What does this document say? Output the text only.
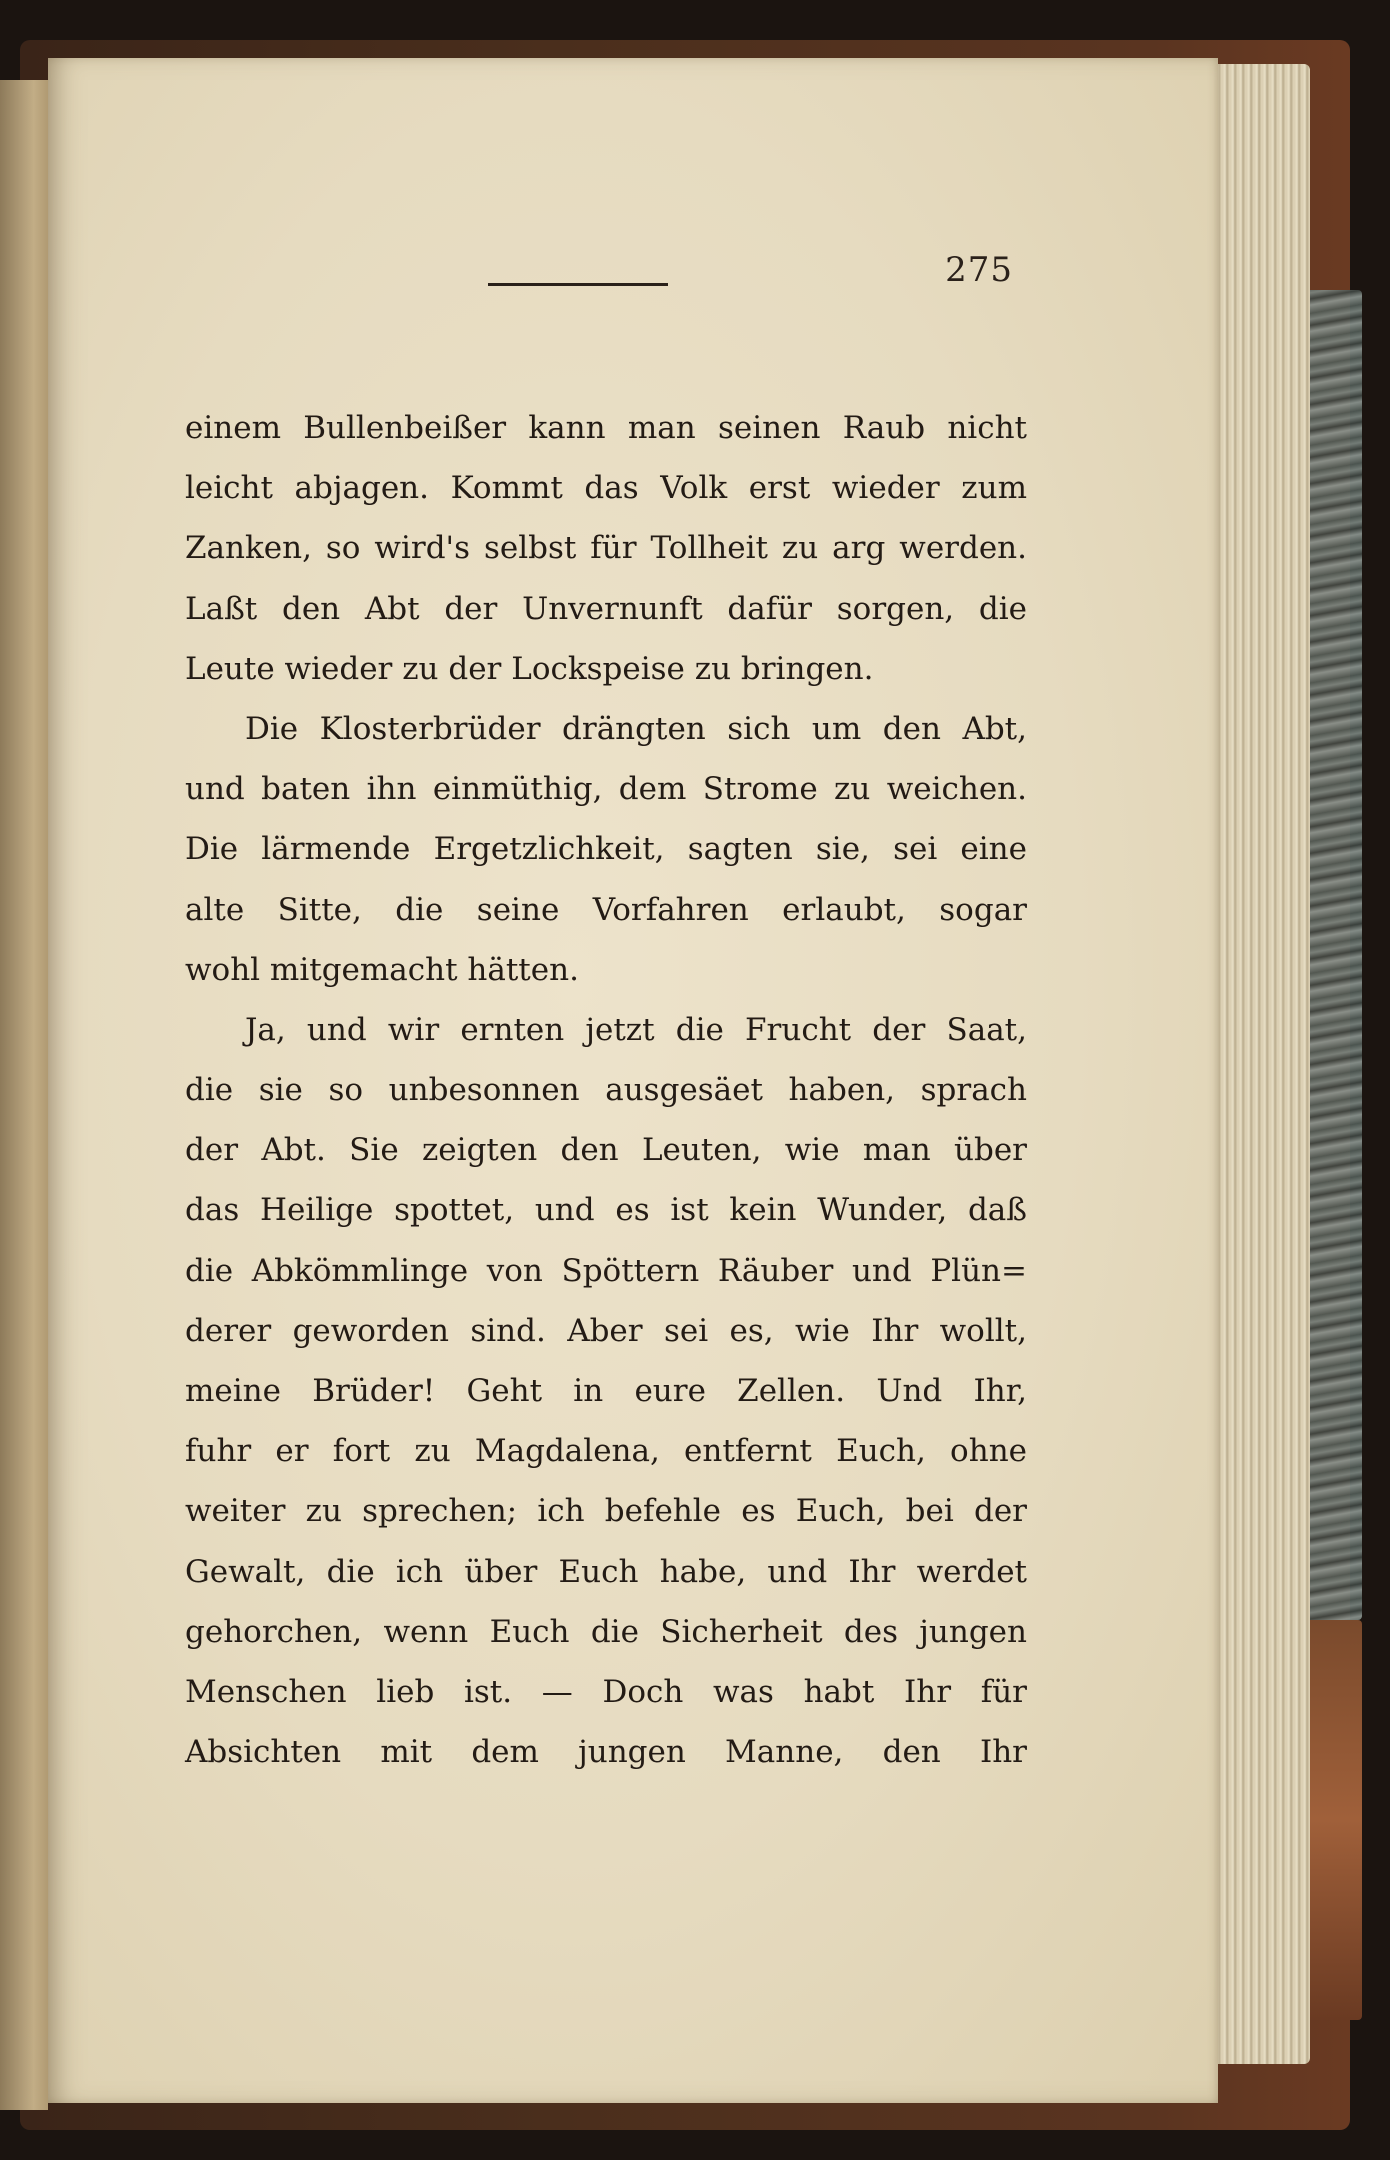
275
einem Bullenbeißer kann man seinen Raub nicht
leicht abjagen. Kommt das Volk erst wieder zum
Zanken, so wird's selbst für Tollheit zu arg werden.
Laßt den Abt der Unvernunft dafür sorgen, die
Leute wieder zu der Lockspeise zu bringen.
Die Klosterbrüder drängten sich um den Abt,
und baten ihn einmüthig, dem Strome zu weichen.
Die lärmende Ergetzlichkeit, sagten sie, sei eine
alte Sitte, die seine Vorfahren erlaubt, sogar
wohl mitgemacht hätten.
Ja, und wir ernten jetzt die Frucht der Saat,
die sie so unbesonnen ausgesäet haben, sprach
der Abt. Sie zeigten den Leuten, wie man über
das Heilige spottet, und es ist kein Wunder, daß
die Abkömmlinge von Spöttern Räuber und Plün=
derer geworden sind. Aber sei es, wie Ihr wollt,
meine Brüder! Geht in eure Zellen. Und Ihr,
fuhr er fort zu Magdalena, entfernt Euch, ohne
weiter zu sprechen; ich befehle es Euch, bei der
Gewalt, die ich über Euch habe, und Ihr werdet
gehorchen, wenn Euch die Sicherheit des jungen
Menschen lieb ist. — Doch was habt Ihr für
Absichten mit dem jungen Manne, den Ihr
